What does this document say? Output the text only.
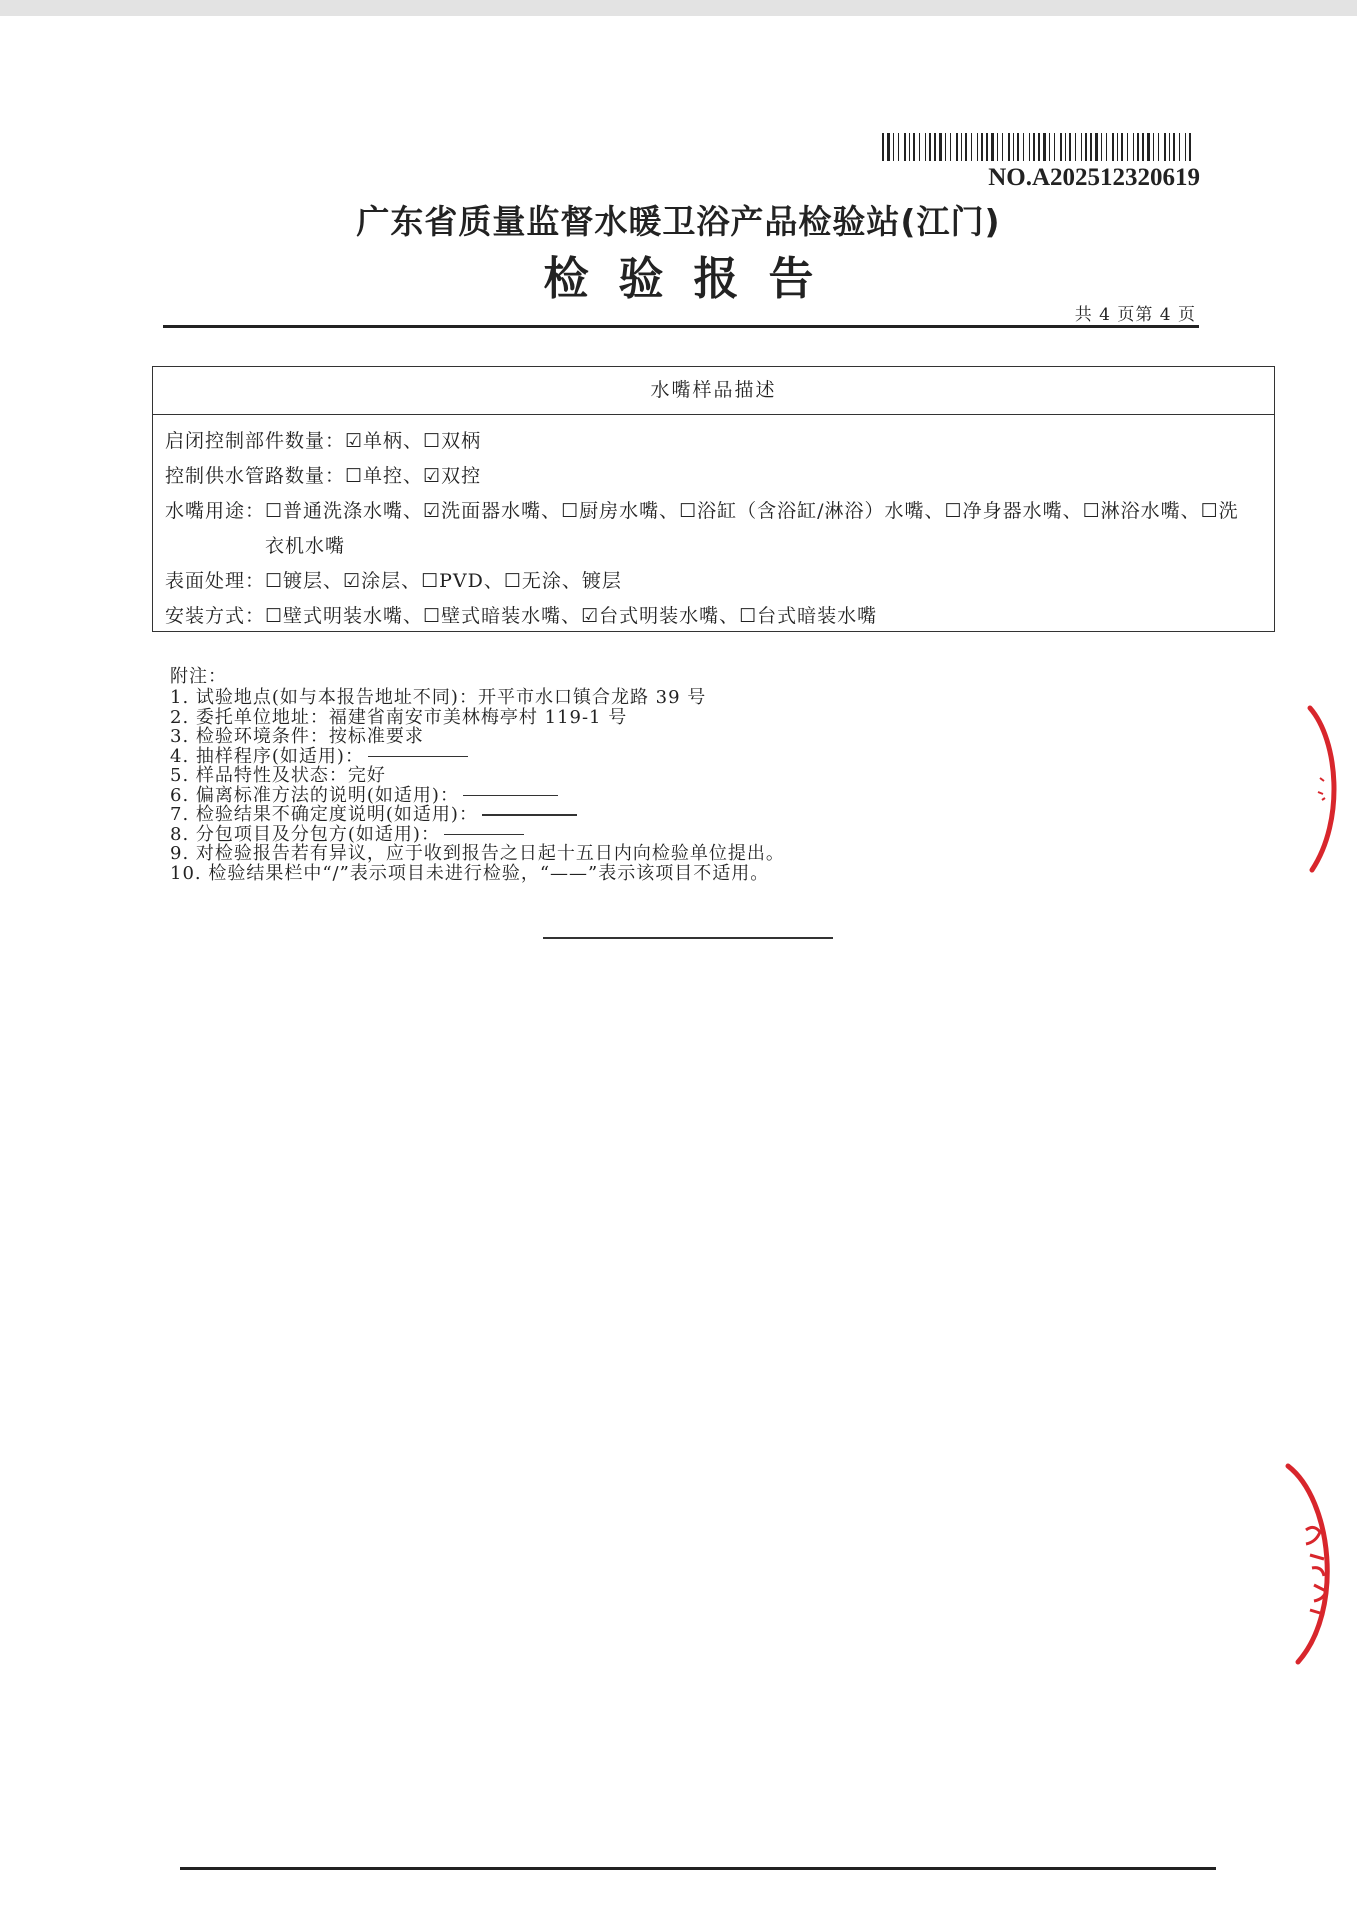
NO.A202512320619
广东省质量监督水暖卫浴产品检验站(江门)
检验报告
共 4 页第 4 页
水嘴样品描述
启闭控制部件数量： ☑单柄、☐双柄
控制供水管路数量： ☐单控、☑双控
水嘴用途： ☐普通洗涤水嘴、☑洗面器水嘴、☐厨房水嘴、☐浴缸（含浴缸/淋浴）水嘴、☐净身器水嘴、☐淋浴水嘴、☐洗衣机水嘴
表面处理： ☐镀层、☑涂层、☐PVD、☐无涂、镀层
安装方式： ☐壁式明装水嘴、☐壁式暗装水嘴、☑台式明装水嘴、☐台式暗装水嘴
附注：
1. 试验地点(如与本报告地址不同)：开平市水口镇合龙路 39 号
2. 委托单位地址：福建省南安市美林梅亭村 119-1 号
3. 检验环境条件：按标准要求
4. 抽样程序(如适用)：
5. 样品特性及状态：完好
6. 偏离标准方法的说明(如适用)：
7. 检验结果不确定度说明(如适用)：
8. 分包项目及分包方(如适用)：
9. 对检验报告若有异议，应于收到报告之日起十五日内向检验单位提出。
10. 检验结果栏中“/”表示项目未进行检验，“——”表示该项目不适用。
